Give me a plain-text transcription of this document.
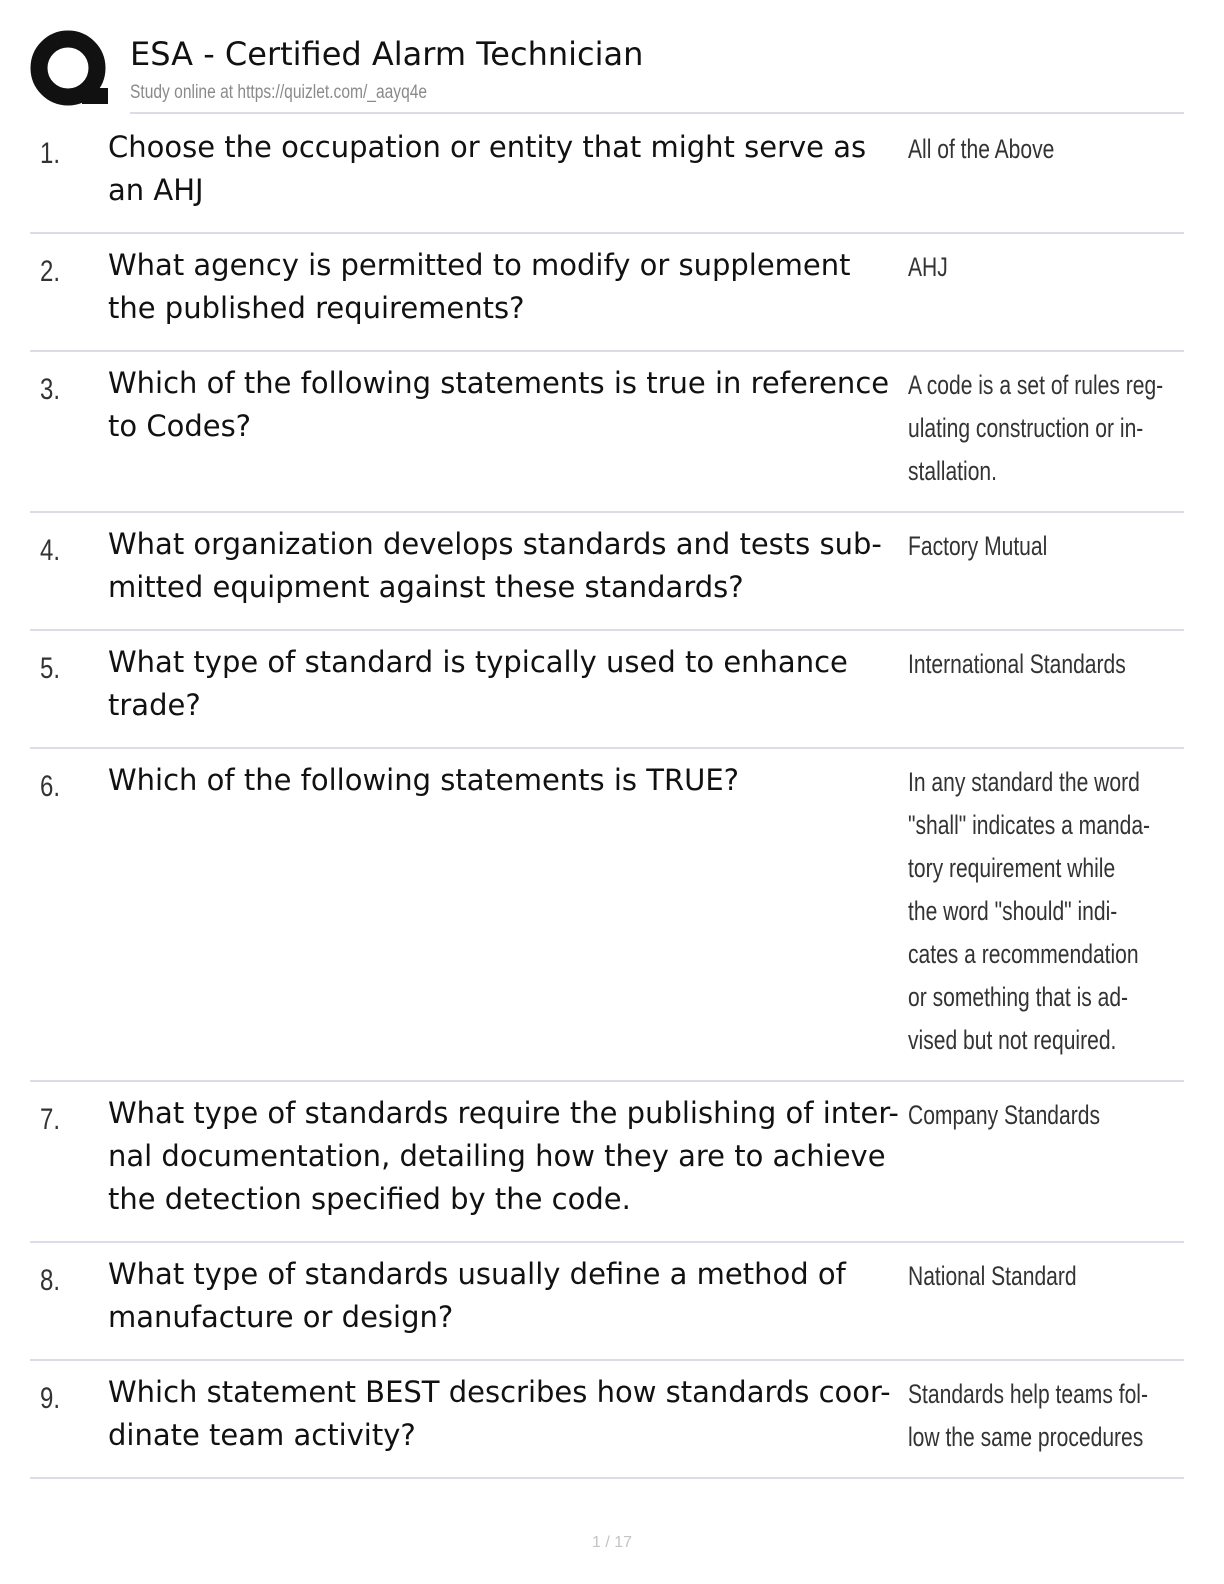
ESA - Certified Alarm Technician
Study online at https://quizlet.com/_aayq4e
1. Choose the occupation or entity that might serve as
an AHJ
All of the Above
2. What agency is permitted to modify or supplement
the published requirements?
AHJ
3. Which of the following statements is true in reference
to Codes?
A code is a set of rules reg-
ulating construction or in-
stallation.
4. What organization develops standards and tests sub-
mitted equipment against these standards?
Factory Mutual
5. What type of standard is typically used to enhance
trade?
International Standards
6. Which of the following statements is TRUE?	In any standard the word
"shall" indicates a manda-
tory requirement while
the word "should" indi-
cates a recommendation
or something that is ad-
vised but not required.
7. What type of standards require the publishing of inter-
nal documentation, detailing how they are to achieve
the detection specified by the code.
Company Standards
8. What type of standards usually define a method of
manufacture or design?
National Standard
9. Which statement BEST describes how standards coor-
dinate team activity?
Standards help teams fol-
low the same procedures
1 / 17
